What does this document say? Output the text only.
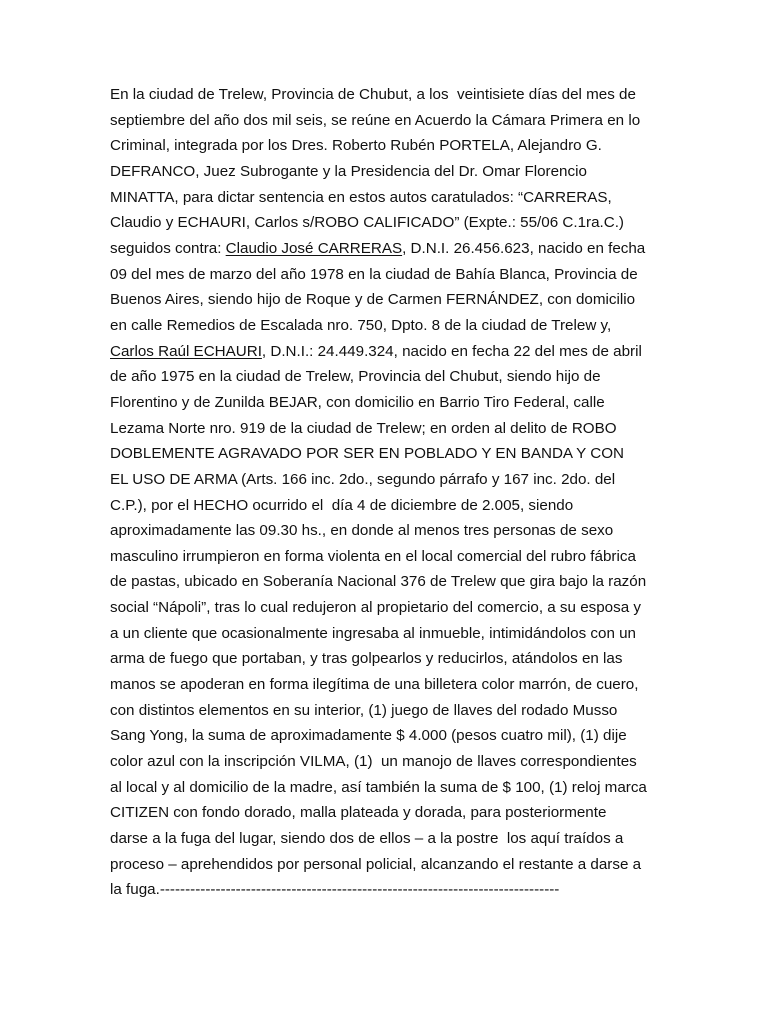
En la ciudad de Trelew, Provincia de Chubut, a los  veintisiete días del mes de
septiembre del año dos mil seis, se reúne en Acuerdo la Cámara Primera en lo
Criminal, integrada por los Dres. Roberto Rubén PORTELA, Alejandro G.
DEFRANCO, Juez Subrogante y la Presidencia del Dr. Omar Florencio
MINATTA, para dictar sentencia en estos autos caratulados: “CARRERAS,
Claudio y ECHAURI, Carlos s/ROBO CALIFICADO” (Expte.: 55/06 C.1ra.C.)
seguidos contra: Claudio José CARRERAS, D.N.I. 26.456.623, nacido en fecha
09 del mes de marzo del año 1978 en la ciudad de Bahía Blanca, Provincia de
Buenos Aires, siendo hijo de Roque y de Carmen FERNÁNDEZ, con domicilio
en calle Remedios de Escalada nro. 750, Dpto. 8 de la ciudad de Trelew y,
Carlos Raúl ECHAURI, D.N.I.: 24.449.324, nacido en fecha 22 del mes de abril
de año 1975 en la ciudad de Trelew, Provincia del Chubut, siendo hijo de
Florentino y de Zunilda BEJAR, con domicilio en Barrio Tiro Federal, calle
Lezama Norte nro. 919 de la ciudad de Trelew; en orden al delito de ROBO
DOBLEMENTE AGRAVADO POR SER EN POBLADO Y EN BANDA Y CON
EL USO DE ARMA (Arts. 166 inc. 2do., segundo párrafo y 167 inc. 2do. del
C.P.), por el HECHO ocurrido el  día 4 de diciembre de 2.005, siendo
aproximadamente las 09.30 hs., en donde al menos tres personas de sexo
masculino irrumpieron en forma violenta en el local comercial del rubro fábrica
de pastas, ubicado en Soberanía Nacional 376 de Trelew que gira bajo la razón
social “Nápoli”, tras lo cual redujeron al propietario del comercio, a su esposa y
a un cliente que ocasionalmente ingresaba al inmueble, intimidándolos con un
arma de fuego que portaban, y tras golpearlos y reducirlos, atándolos en las
manos se apoderan en forma ilegítima de una billetera color marrón, de cuero,
con distintos elementos en su interior, (1) juego de llaves del rodado Musso
Sang Yong, la suma de aproximadamente $ 4.000 (pesos cuatro mil), (1) dije
color azul con la inscripción VILMA, (1)  un manojo de llaves correspondientes
al local y al domicilio de la madre, así también la suma de $ 100, (1) reloj marca
CITIZEN con fondo dorado, malla plateada y dorada, para posteriormente
darse a la fuga del lugar, siendo dos de ellos – a la postre  los aquí traídos a
proceso – aprehendidos por personal policial, alcanzando el restante a darse a
la fuga.-------------------------------------------------------------------------------
